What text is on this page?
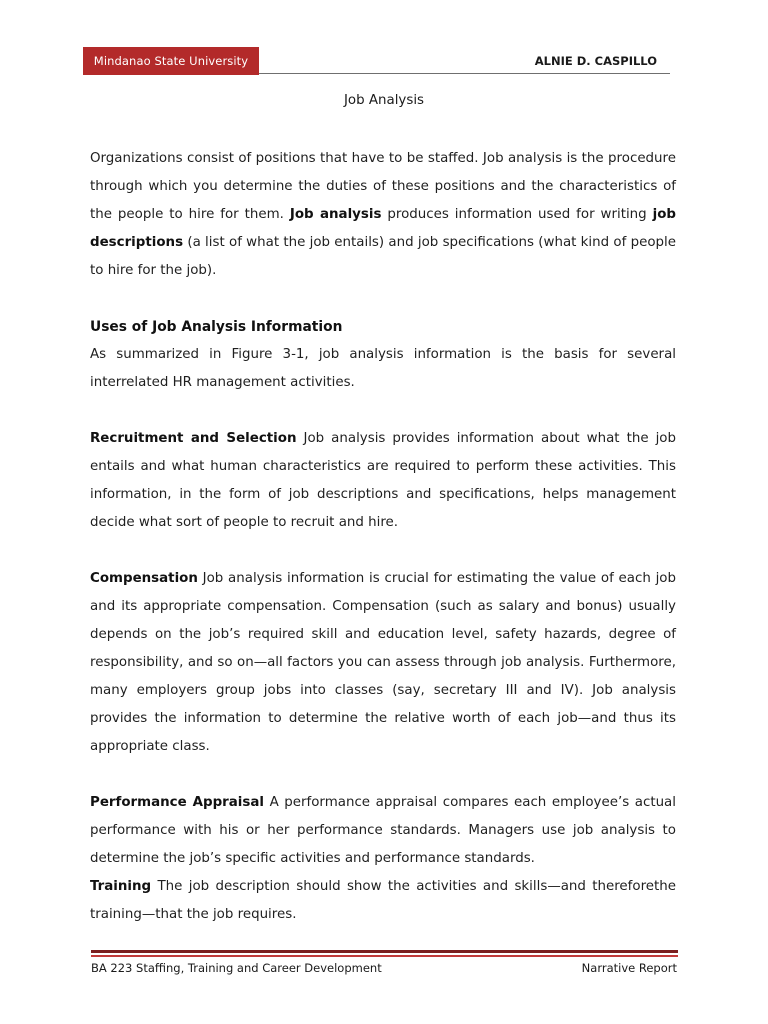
Mindanao State University	ALNIE D. CASPILLO
Job Analysis

Organizations consist of positions that have to be staffed. Job analysis is the procedure through which you determine the duties of these positions and the characteristics of the people to hire for them. Job analysis produces information used for writing job descriptions (a list of what the job entails) and job specifications (what kind of people to hire for the job).

Uses of Job Analysis Information

As summarized in Figure 3-1, job analysis information is the basis for several interrelated HR management activities.

Recruitment and Selection Job analysis provides information about what the job entails and what human characteristics are required to perform these activities. This information, in the form of job descriptions and specifications, helps management decide what sort of people to recruit and hire.

Compensation Job analysis information is crucial for estimating the value of each job and its appropriate compensation. Compensation (such as salary and bonus) usually depends on the job’s required skill and education level, safety hazards, degree of responsibility, and so on—all factors you can assess through job analysis. Furthermore, many employers group jobs into classes (say, secretary III and IV). Job analysis provides the information to determine the relative worth of each job—and thus its appropriate class.

Performance Appraisal A performance appraisal compares each employee’s actual performance with his or her performance standards. Managers use job analysis to determine the job’s specific activities and performance standards.

Training The job description should show the activities and skills—and thereforethe training—that the job requires.

BA 223 Staffing, Training and Career Development	Narrative Report
